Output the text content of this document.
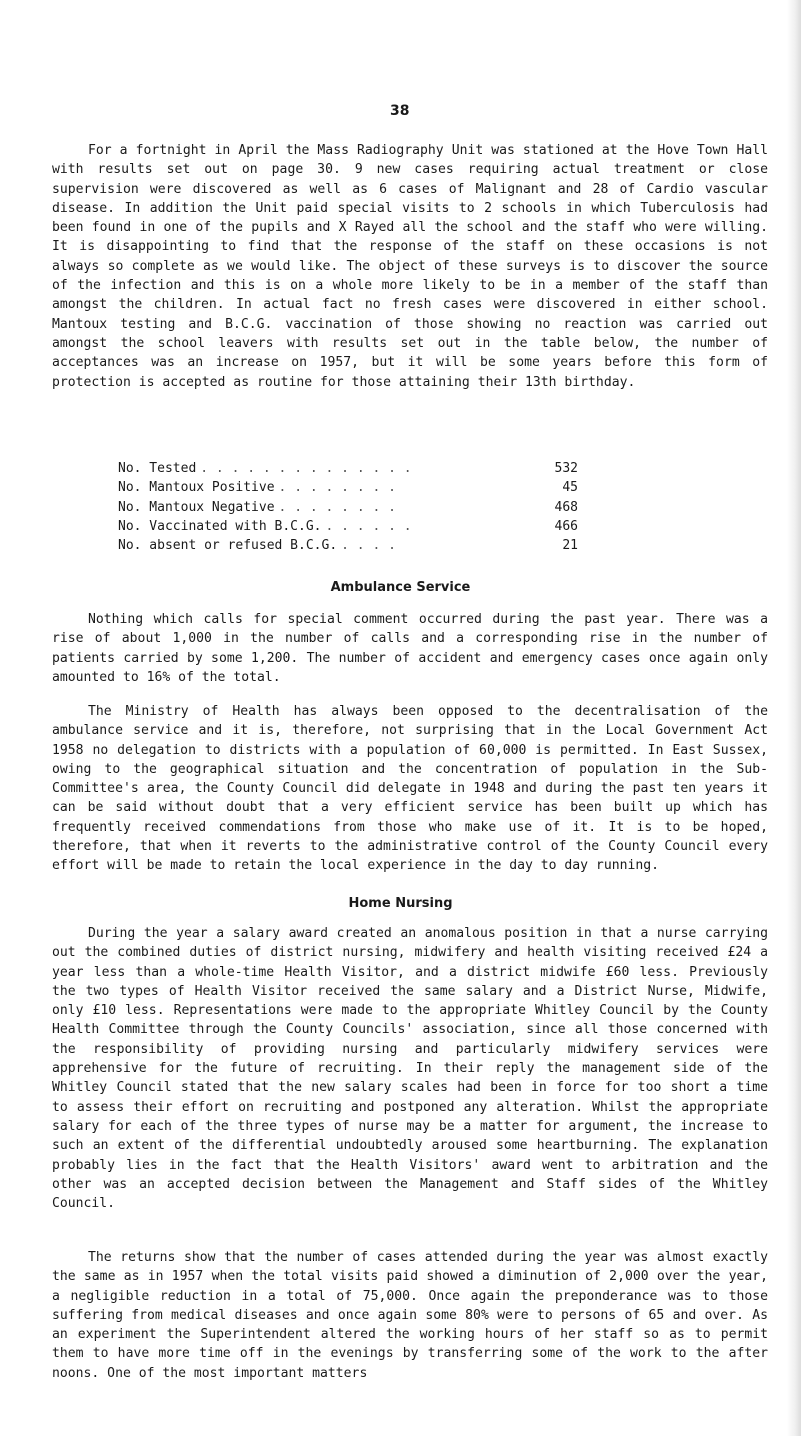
38

For a fortnight in April the Mass Radiography Unit was stationed at the Hove Town Hall with results set out on page 30. 9 new cases requiring actual treatment or close supervision were discovered as well as 6 cases of Malignant and 28 of Cardio vascular disease. In addition the Unit paid special visits to 2 schools in which Tuberculosis had been found in one of the pupils and X Rayed all the school and the staff who were willing. It is disappointing to find that the response of the staff on these occasions is not always so complete as we would like. The object of these surveys is to discover the source of the infection and this is on a whole more likely to be in a member of the staff than amongst the children. In actual fact no fresh cases were discovered in either school. Mantoux testing and B.C.G. vaccination of those showing no reaction was carried out amongst the school leavers with results set out in the table below, the number of acceptances was an increase on 1957, but it will be some years before this form of protection is accepted as routine for those attaining their 13th birthday.

No. Tested . . . . . . . . . . . . . .	532
No. Mantoux Positive . . . . . . . .	45
No. Mantoux Negative . . . . . . . .	468
No. Vaccinated with B.C.G. . . . . . .	466
No. absent or refused B.C.G. . . . .	21
Ambulance Service

Nothing which calls for special comment occurred during the past year. There was a rise of about 1,000 in the number of calls and a corresponding rise in the number of patients carried by some 1,200. The number of accident and emergency cases once again only amounted to 16% of the total.

The Ministry of Health has always been opposed to the decentralisation of the ambulance service and it is, therefore, not surprising that in the Local Government Act 1958 no delegation to districts with a population of 60,000 is permitted. In East Sussex, owing to the geographical situation and the concentration of population in the Sub-Committee's area, the County Council did delegate in 1948 and during the past ten years it can be said without doubt that a very efficient service has been built up which has frequently received commendations from those who make use of it. It is to be hoped, therefore, that when it reverts to the administrative control of the County Council every effort will be made to retain the local experience in the day to day running.

Home Nursing

During the year a salary award created an anomalous position in that a nurse carrying out the combined duties of district nursing, midwifery and health visiting received £24 a year less than a whole-time Health Visitor, and a district midwife £60 less. Previously the two types of Health Visitor received the same salary and a District Nurse, Midwife, only £10 less. Representations were made to the appropriate Whitley Council by the County Health Committee through the County Councils' association, since all those concerned with the responsibility of providing nursing and particularly midwifery services were apprehensive for the future of recruiting. In their reply the management side of the Whitley Council stated that the new salary scales had been in force for too short a time to assess their effort on recruiting and postponed any alteration. Whilst the appropriate salary for each of the three types of nurse may be a matter for argument, the increase to such an extent of the differential undoubtedly aroused some heartburning. The explanation probably lies in the fact that the Health Visitors' award went to arbitration and the other was an accepted decision between the Management and Staff sides of the Whitley Council.

The returns show that the number of cases attended during the year was almost exactly the same as in 1957 when the total visits paid showed a diminution of 2,000 over the year, a negligible reduction in a total of 75,000. Once again the preponderance was to those suffering from medical diseases and once again some 80% were to persons of 65 and over. As an experiment the Superintendent altered the working hours of her staff so as to permit them to have more time off in the evenings by transferring some of the work to the after noons. One of the most important matters
